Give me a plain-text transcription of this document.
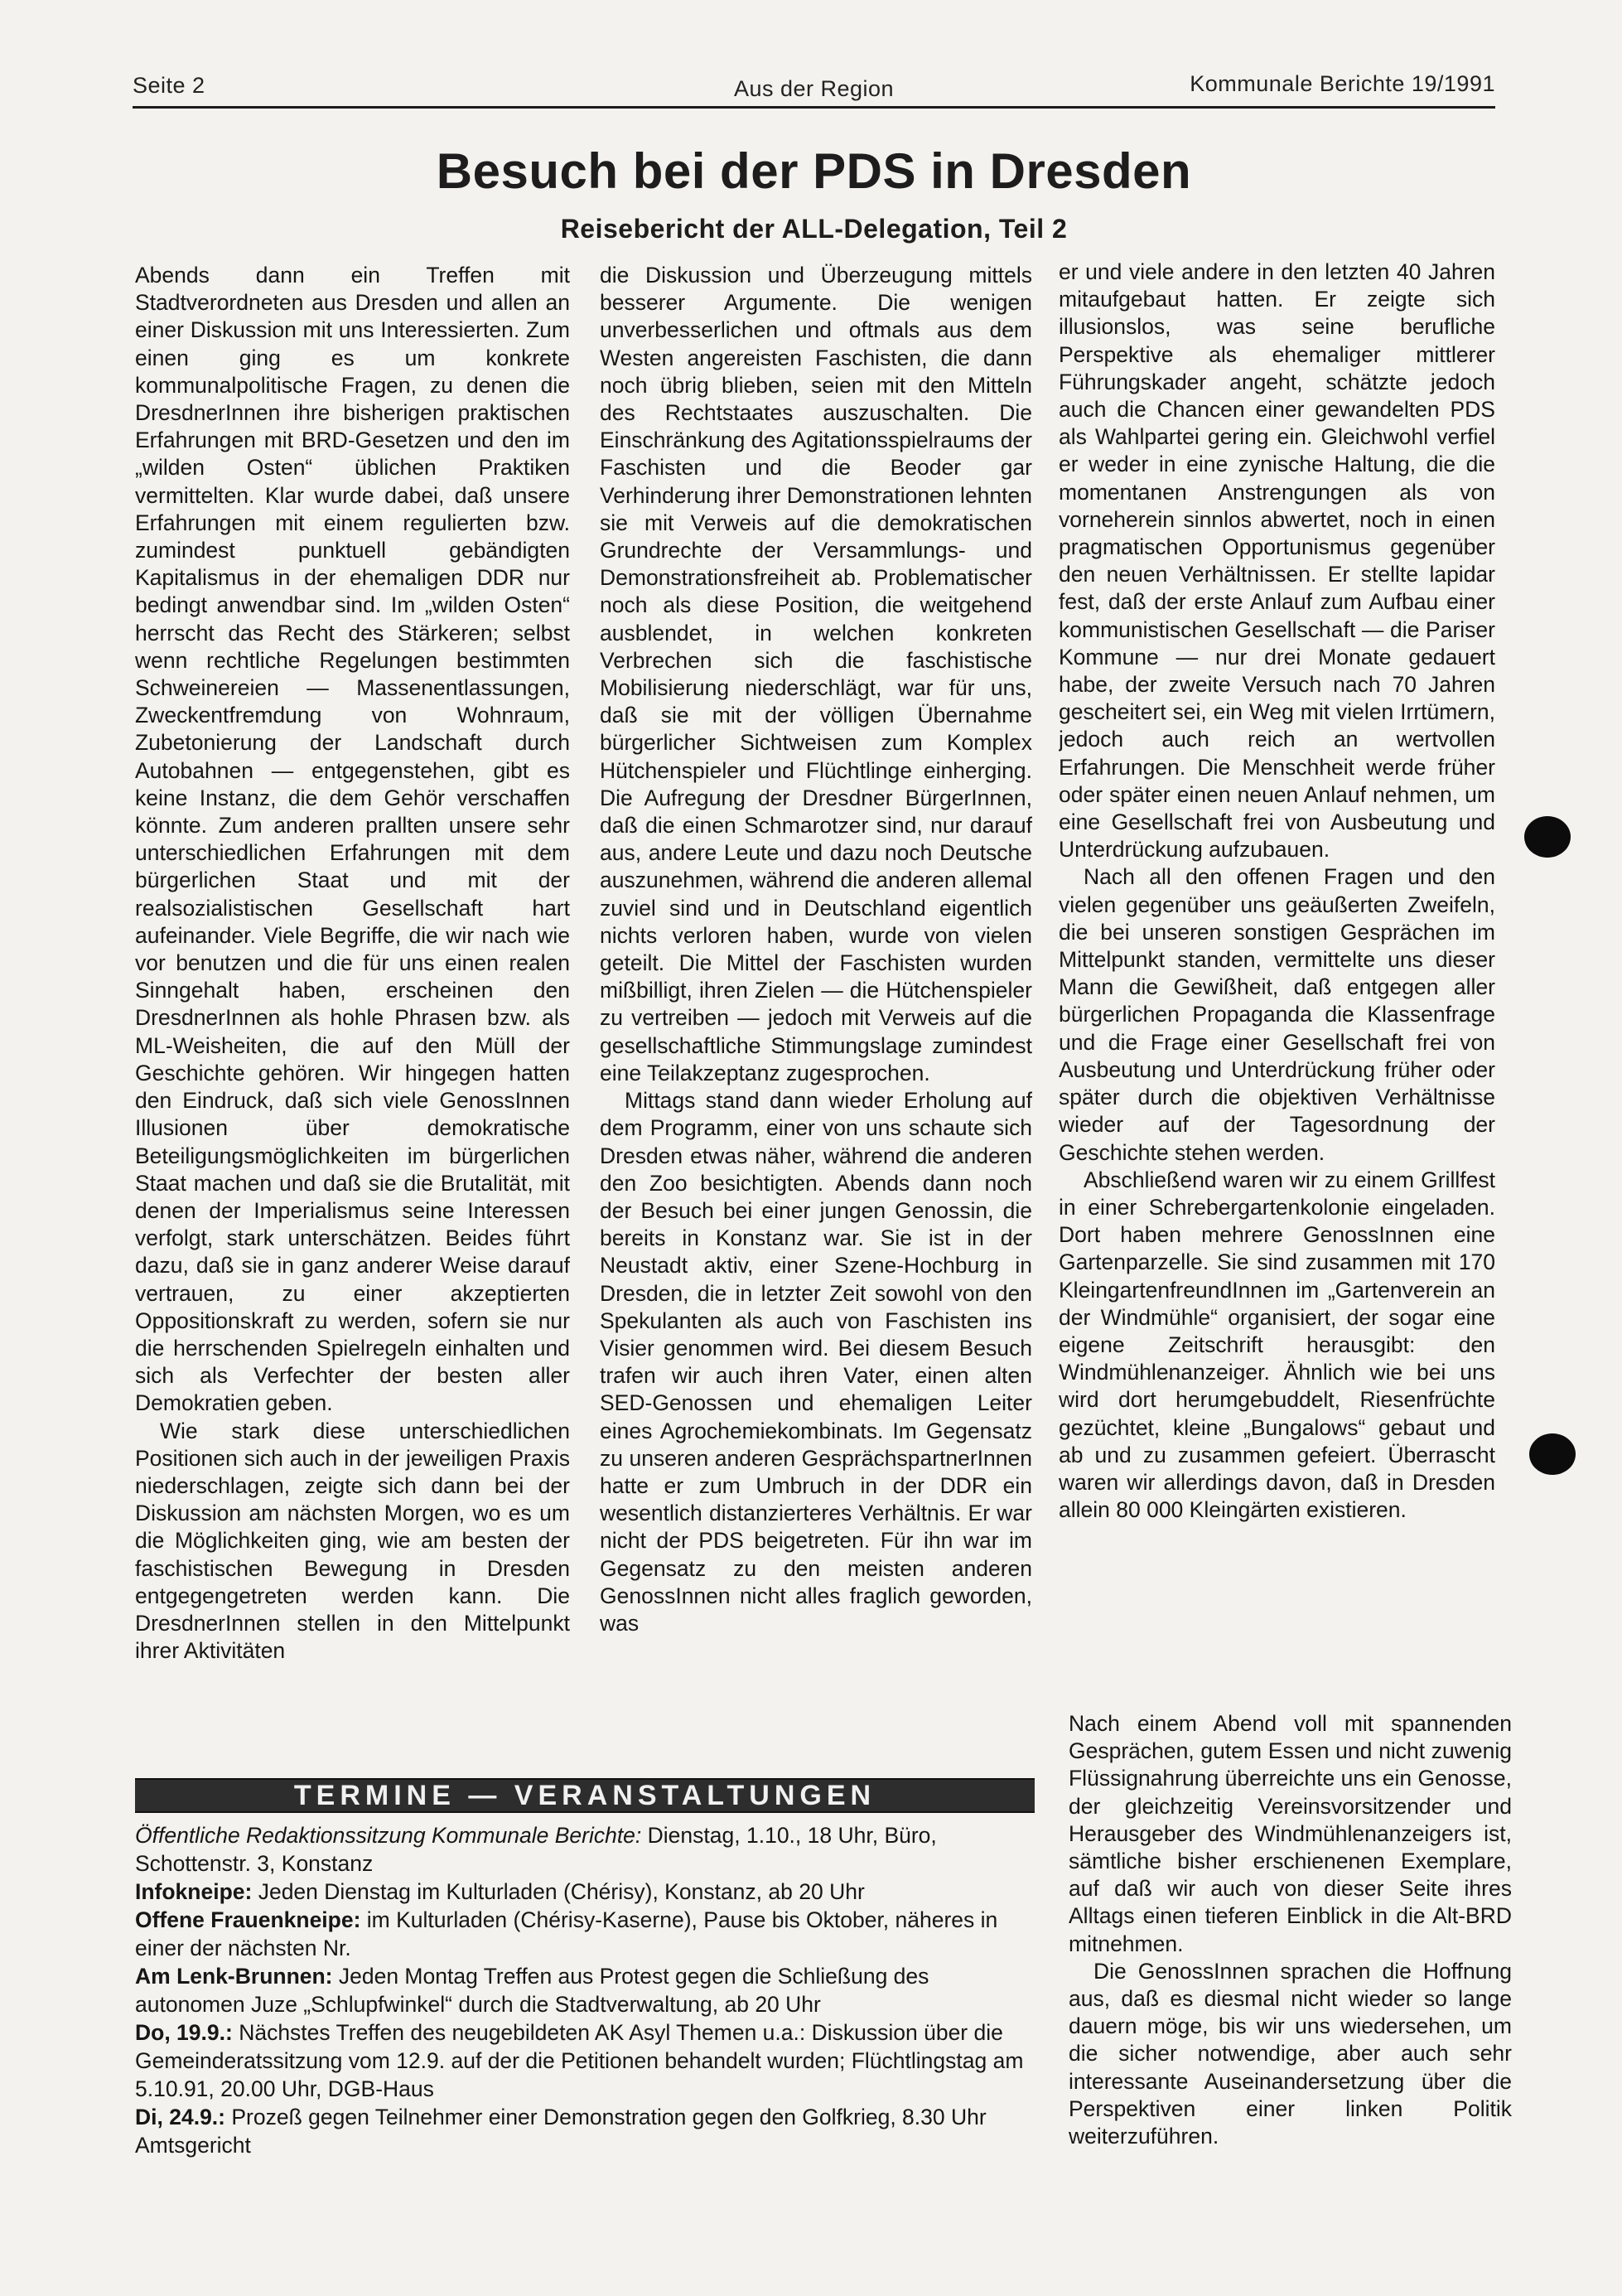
Seite 2	Aus der Region	Kommunale Berichte 19/1991
Besuch bei der PDS in Dresden
Reisebericht der ALL-Delegation, Teil 2

Abends dann ein Treffen mit Stadtverordneten aus Dresden und allen an einer Diskussion mit uns Interessierten. Zum einen ging es um konkrete kommunalpolitische Fragen, zu denen die DresdnerInnen ihre bisherigen praktischen Erfahrungen mit BRD-Gesetzen und den im „wilden Osten“ üblichen Praktiken vermittelten. Klar wurde dabei, daß unsere Erfahrungen mit einem regulierten bzw. zumindest punktuell gebändigten Kapitalismus in der ehemaligen DDR nur bedingt anwendbar sind. Im „wilden Osten“ herrscht das Recht des Stärkeren; selbst wenn rechtliche Regelungen bestimmten Schweinereien — Massenentlassungen, Zweckentfremdung von Wohnraum, Zubetonierung der Landschaft durch Autobahnen — entgegenstehen, gibt es keine Instanz, die dem Gehör verschaffen könnte. Zum anderen prallten unsere sehr unterschiedlichen Erfahrungen mit dem bürgerlichen Staat und mit der realsozialistischen Gesellschaft hart aufeinander. Viele Begriffe, die wir nach wie vor benutzen und die für uns einen realen Sinngehalt haben, erscheinen den DresdnerInnen als hohle Phrasen bzw. als ML-Weisheiten, die auf den Müll der Geschichte gehören. Wir hingegen hatten den Eindruck, daß sich viele GenossInnen Illusionen über demokratische Beteiligungsmöglichkeiten im bürgerlichen Staat machen und daß sie die Brutalität, mit denen der Imperialismus seine Interessen verfolgt, stark unterschätzen. Beides führt dazu, daß sie in ganz anderer Weise darauf vertrauen, zu einer akzeptierten Oppositionskraft zu werden, sofern sie nur die herrschenden Spielregeln einhalten und sich als Verfechter der besten aller Demokratien geben.

Wie stark diese unterschiedlichen Positionen sich auch in der jeweiligen Praxis niederschlagen, zeigte sich dann bei der Diskussion am nächsten Morgen, wo es um die Möglichkeiten ging, wie am besten der faschistischen Bewegung in Dresden entgegengetreten werden kann. Die DresdnerInnen stellen in den Mittelpunkt ihrer Aktivitäten

die Diskussion und Überzeugung mittels besserer Argumente. Die wenigen unverbesserlichen und oftmals aus dem Westen angereisten Faschisten, die dann noch übrig blieben, seien mit den Mitteln des Rechtstaates auszuschalten. Die Einschränkung des Agitationsspielraums der Faschisten und die Beoder gar Verhinderung ihrer Demonstrationen lehnten sie mit Verweis auf die demokratischen Grundrechte der Versammlungs- und Demonstrationsfreiheit ab. Problematischer noch als diese Position, die weitgehend ausblendet, in welchen konkreten Verbrechen sich die faschistische Mobilisierung niederschlägt, war für uns, daß sie mit der völligen Übernahme bürgerlicher Sichtweisen zum Komplex Hütchenspieler und Flüchtlinge einherging. Die Aufregung der Dresdner BürgerInnen, daß die einen Schmarotzer sind, nur darauf aus, andere Leute und dazu noch Deutsche auszunehmen, während die anderen allemal zuviel sind und in Deutschland eigentlich nichts verloren haben, wurde von vielen geteilt. Die Mittel der Faschisten wurden mißbilligt, ihren Zielen — die Hütchenspieler zu vertreiben — jedoch mit Verweis auf die gesellschaftliche Stimmungslage zumindest eine Teilakzeptanz zugesprochen.

Mittags stand dann wieder Erholung auf dem Programm, einer von uns schaute sich Dresden etwas näher, während die anderen den Zoo besichtigten. Abends dann noch der Besuch bei einer jungen Genossin, die bereits in Konstanz war. Sie ist in der Neustadt aktiv, einer Szene-Hochburg in Dresden, die in letzter Zeit sowohl von den Spekulanten als auch von Faschisten ins Visier genommen wird. Bei diesem Besuch trafen wir auch ihren Vater, einen alten SED-Genossen und ehemaligen Leiter eines Agrochemiekombinats. Im Gegensatz zu unseren anderen GesprächspartnerInnen hatte er zum Umbruch in der DDR ein wesentlich distanzierteres Verhältnis. Er war nicht der PDS beigetreten. Für ihn war im Gegensatz zu den meisten anderen GenossInnen nicht alles fraglich geworden, was

er und viele andere in den letzten 40 Jahren mitaufgebaut hatten. Er zeigte sich illusionslos, was seine berufliche Perspektive als ehemaliger mittlerer Führungskader angeht, schätzte jedoch auch die Chancen einer gewandelten PDS als Wahlpartei gering ein. Gleichwohl verfiel er weder in eine zynische Haltung, die die momentanen Anstrengungen als von vorneherein sinnlos abwertet, noch in einen pragmatischen Opportunismus gegenüber den neuen Verhältnissen. Er stellte lapidar fest, daß der erste Anlauf zum Aufbau einer kommunistischen Gesellschaft — die Pariser Kommune — nur drei Monate gedauert habe, der zweite Versuch nach 70 Jahren gescheitert sei, ein Weg mit vielen Irrtümern, jedoch auch reich an wertvollen Erfahrungen. Die Menschheit werde früher oder später einen neuen Anlauf nehmen, um eine Gesellschaft frei von Ausbeutung und Unterdrückung aufzubauen.

Nach all den offenen Fragen und den vielen gegenüber uns geäußerten Zweifeln, die bei unseren sonstigen Gesprächen im Mittelpunkt standen, vermittelte uns dieser Mann die Gewißheit, daß entgegen aller bürgerlichen Propaganda die Klassenfrage und die Frage einer Gesellschaft frei von Ausbeutung und Unterdrückung früher oder später durch die objektiven Verhältnisse wieder auf der Tagesordnung der Geschichte stehen werden.

Abschließend waren wir zu einem Grillfest in einer Schrebergartenkolonie eingeladen. Dort haben mehrere GenossInnen eine Gartenparzelle. Sie sind zusammen mit 170 KleingartenfreundInnen im „Gartenverein an der Windmühle“ organisiert, der sogar eine eigene Zeitschrift herausgibt: den Windmühlenanzeiger. Ähnlich wie bei uns wird dort herumgebuddelt, Riesenfrüchte gezüchtet, kleine „Bungalows“ gebaut und ab und zu zusammen gefeiert. Überrascht waren wir allerdings davon, daß in Dresden allein 80 000 Kleingärten existieren.

Nach einem Abend voll mit spannenden Gesprächen, gutem Essen und nicht zuwenig Flüssignahrung überreichte uns ein Genosse, der gleichzeitig Vereinsvorsitzender und Herausgeber des Windmühlenanzeigers ist, sämtliche bisher erschienenen Exemplare, auf daß wir auch von dieser Seite ihres Alltags einen tieferen Einblick in die Alt-BRD mitnehmen.

Die GenossInnen sprachen die Hoffnung aus, daß es diesmal nicht wieder so lange dauern möge, bis wir uns wiedersehen, um die sicher notwendige, aber auch sehr interessante Auseinandersetzung über die Perspektiven einer linken Politik weiterzuführen.

TERMINE — VERANSTALTUNGEN

Öffentliche Redaktionssitzung Kommunale Berichte: Dienstag, 1.10., 18 Uhr, Büro, Schottenstr. 3, Konstanz

Infokneipe: Jeden Dienstag im Kulturladen (Chérisy), Konstanz, ab 20 Uhr

Offene Frauenkneipe: im Kulturladen (Chérisy-Kaserne), Pause bis Oktober, näheres in einer der nächsten Nr.

Am Lenk-Brunnen: Jeden Montag Treffen aus Protest gegen die Schließung des autonomen Juze „Schlupfwinkel“ durch die Stadtverwaltung, ab 20 Uhr

Do, 19.9.: Nächstes Treffen des neugebildeten AK Asyl Themen u.a.: Diskussion über die Gemeinderatssitzung vom 12.9. auf der die Petitionen behandelt wurden; Flüchtlingstag am 5.10.91, 20.00 Uhr, DGB-Haus

Di, 24.9.: Prozeß gegen Teilnehmer einer Demonstration gegen den Golfkrieg, 8.30 Uhr Amtsgericht
